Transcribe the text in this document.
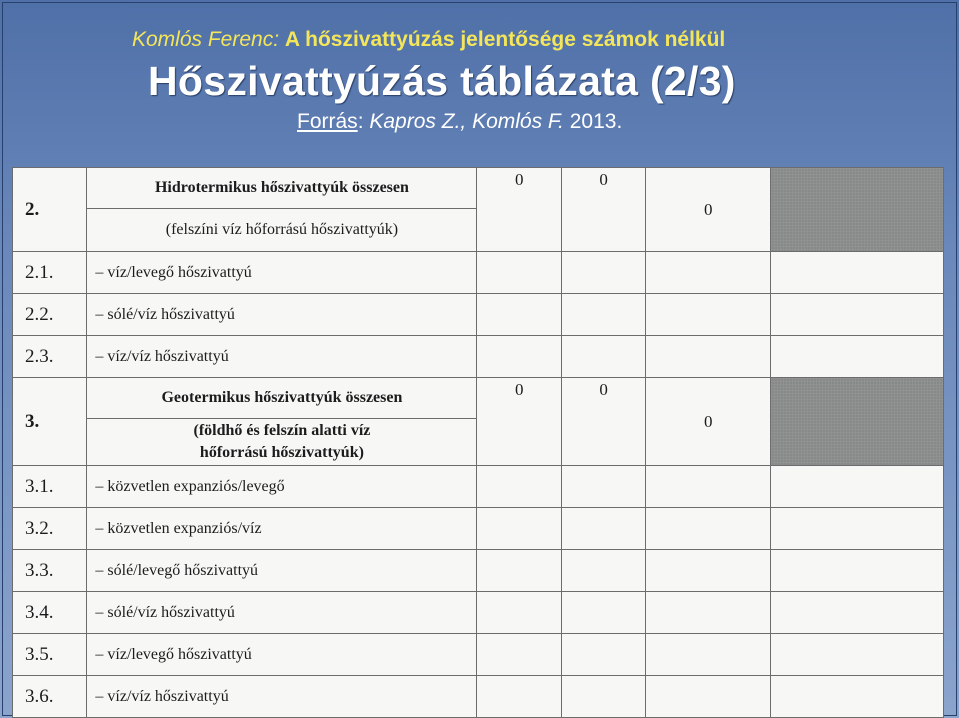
Komlós Ferenc: A hőszivattyúzás jelentősége számok nélkül
Hőszivattyúzás táblázata (2/3)
Forrás: Kapros Z., Komlós F. 2013.
2.	Hidrotermikus hőszivattyúk összesen	0	0	0	
	(felszíni víz hőforrású hőszivattyúk)				
2.1.	– víz/levegő hőszivattyú				
2.2.	– sólé/víz hőszivattyú				
2.3.	– víz/víz hőszivattyú				
3.	Geotermikus hőszivattyúk összesen	0	0	0	

	(földhő és felszín alatti víz
hőforrású hőszivattyúk)				

3.1.	– közvetlen expanziós/levegő				
3.2.	– közvetlen expanziós/víz				
3.3.	– sólé/levegő hőszivattyú				
3.4.	– sólé/víz hőszivattyú				
3.5.	– víz/levegő hőszivattyú				
3.6.	– víz/víz hőszivattyú				
